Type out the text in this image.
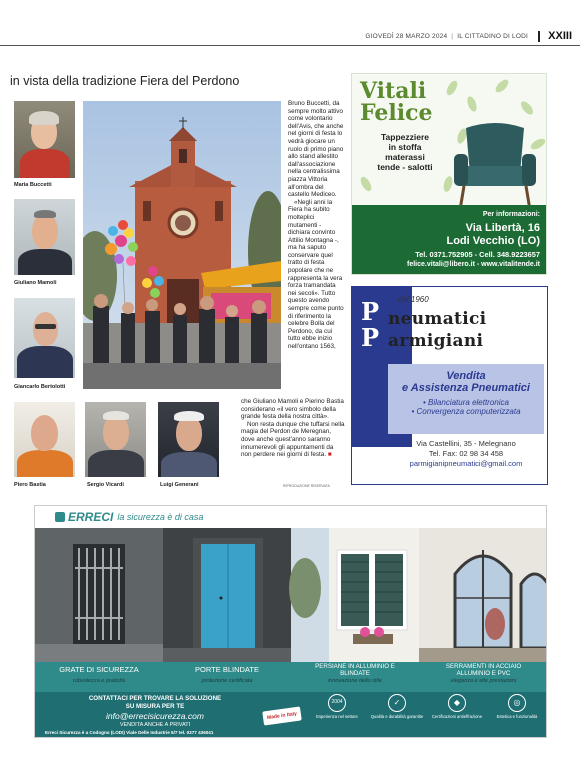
GIOVEDÌ 28 MARZO 2024 | IL CITTADINO DI LODI XXIII
in vista della tradizione Fiera del Perdono
Maria Buccetti
Giuliano Mamoli
Giancarlo Bertolotti
Piero Bastia	Sergio Vicardi	Luigi Generani

Bruno Buccetti, da sempre molto attivo come volontario dell'Avis, che anche nel giorni di festa lo vedrà giocare un ruolo di primo piano allo stand allestito dall'associazione nella centralissima piazza Vittoria all'ombra del castello Mediceo.

«Negli anni la Fiera ha subito molteplici mutamenti - dichiara convinto Attilio Montagna -, ma ha saputo conservare quel tratto di festa popolare che ne rappresenta la vera forza tramandata nei secoli». Tutto questo avendo sempre come punto di riferimento la celebre Bolla del Perdono, da cui tutto ebbe inizio nell'ontano 1563,

che Giuliano Mamoli e Pierino Bastia considerano «il vero simbolo della grande festa della nostra città».

Non resta dunque che tuffarsi nella magia del Perdon de Meregnan, dove anche quest'anno saranno innumerevoli gli appuntamenti da non perdere nei giorni di festa. ■

RIPRODUZIONE RISERVATA
Vitali
Felice
Tappezziere
in stoffa
materassi
tende - salotti
Per informazioni:
Via Libertà, 16
Lodi Vecchio (LO)
Tel. 0371.752905 - Cell. 348.9223657
felice.vitali@libero.it - www.vitalitende.it
dal 1960
P
P
neumatici
armigiani
Vendita
e Assistenza Pneumatici
• Bilanciatura elettronica
• Convergenza computerizzata
Via Castellini, 35 - Melegnano
Tel. Fax: 02 98 34 458
parmigianipneumatici@gmail.com
ERRECI la sicurezza è di casa
GRATE DI SICUREZZA
robustezza e praticità
PORTE BLINDATE
protezione certificata
PERSIANE IN ALLUMINIO E BLINDATE
innovazione dello stile
SERRAMENTI IN ACCIAIO ALLUMINIO E PVC
eleganza e alte prestazioni
CONTATTACI PER TROVARE LA SOLUZIONE
SU MISURA PER TE
info@errecisicurezza.com
VENDITA ANCHE A PRIVATI
Erreci Sicurezza è a Codogno (LODI) Viale Delle Industrie 5/7 tel. 0377 436041
Made in Italy
2004
Esperienza nel settore
✓
Qualità e durabilità garantite
◆
Certificazioni antieffrazione
◎
Estetica e funzionalità
